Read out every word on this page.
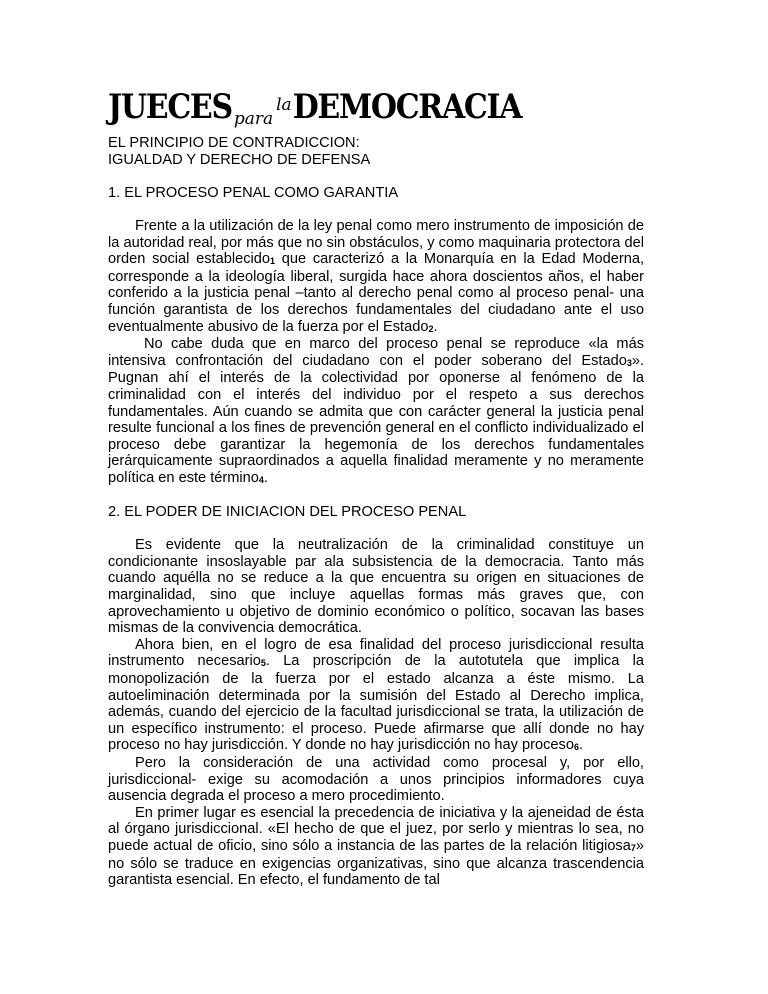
JUECES para
la DEMOCRACIA
EL PRINCIPIO DE CONTRADICCION:
IGUALDAD Y DERECHO DE DEFENSA
1. EL PROCESO PENAL COMO GARANTIA

Frente a la utilización de la ley penal como mero instrumento de imposición de la autoridad real, por más que no sin obstáculos, y como maquinaria protectora del orden social establecido$^1$ que caracterizó a la Monarquía en la Edad Moderna, corresponde a la ideología liberal, surgida hace ahora doscientos años, el haber conferido a la justicia penal –tanto al derecho penal como al proceso penal- una función garantista de los derechos fundamentales del ciudadano ante el uso eventualmente abusivo de la fuerza por el Estado$^2$.

No cabe duda que en marco del proceso penal se reproduce «la más intensiva confrontación del ciudadano con el poder soberano del Estado$^3$». Pugnan ahí el interés de la colectividad por oponerse al fenómeno de la criminalidad con el interés del individuo por el respeto a sus derechos fundamentales. Aún cuando se admita que con carácter general la justicia penal resulte funcional a los fines de prevención general en el conflicto individualizado el proceso debe garantizar la hegemonía de los derechos fundamentales jerárquicamente supraordinados a aquella finalidad meramente y no meramente política en este término$^4$.

2. EL PODER DE INICIACION DEL PROCESO PENAL

Es evidente que la neutralización de la criminalidad constituye un condicionante insoslayable par ala subsistencia de la democracia. Tanto más cuando aquélla no se reduce a la que encuentra su origen en situaciones de marginalidad, sino que incluye aquellas formas más graves que, con aprovechamiento u objetivo de dominio económico o político, socavan las bases mismas de la convivencia democrática.

Ahora bien, en el logro de esa finalidad del proceso jurisdiccional resulta instrumento necesario$^5$. La proscripción de la autotutela que implica la monopolización de la fuerza por el estado alcanza a éste mismo. La autoeliminación determinada por la sumisión del Estado al Derecho implica, además, cuando del ejercicio de la facultad jurisdiccional se trata, la utilización de un específico instrumento: el proceso. Puede afirmarse que allí donde no hay proceso no hay jurisdicción. Y donde no hay jurisdicción no hay proceso$^6$.

Pero la consideración de una actividad como procesal y, por ello, jurisdiccional- exige su acomodación a unos principios informadores cuya ausencia degrada el proceso a mero procedimiento.

En primer lugar es esencial la precedencia de iniciativa y la ajeneidad de ésta al órgano jurisdiccional. «El hecho de que el juez, por serlo y mientras lo sea, no puede actual de oficio, sino sólo a instancia de las partes de la relación litigiosa$^7$» no sólo se traduce en exigencias organizativas, sino que alcanza trascendencia garantista esencial. En efecto, el fundamento de tal
